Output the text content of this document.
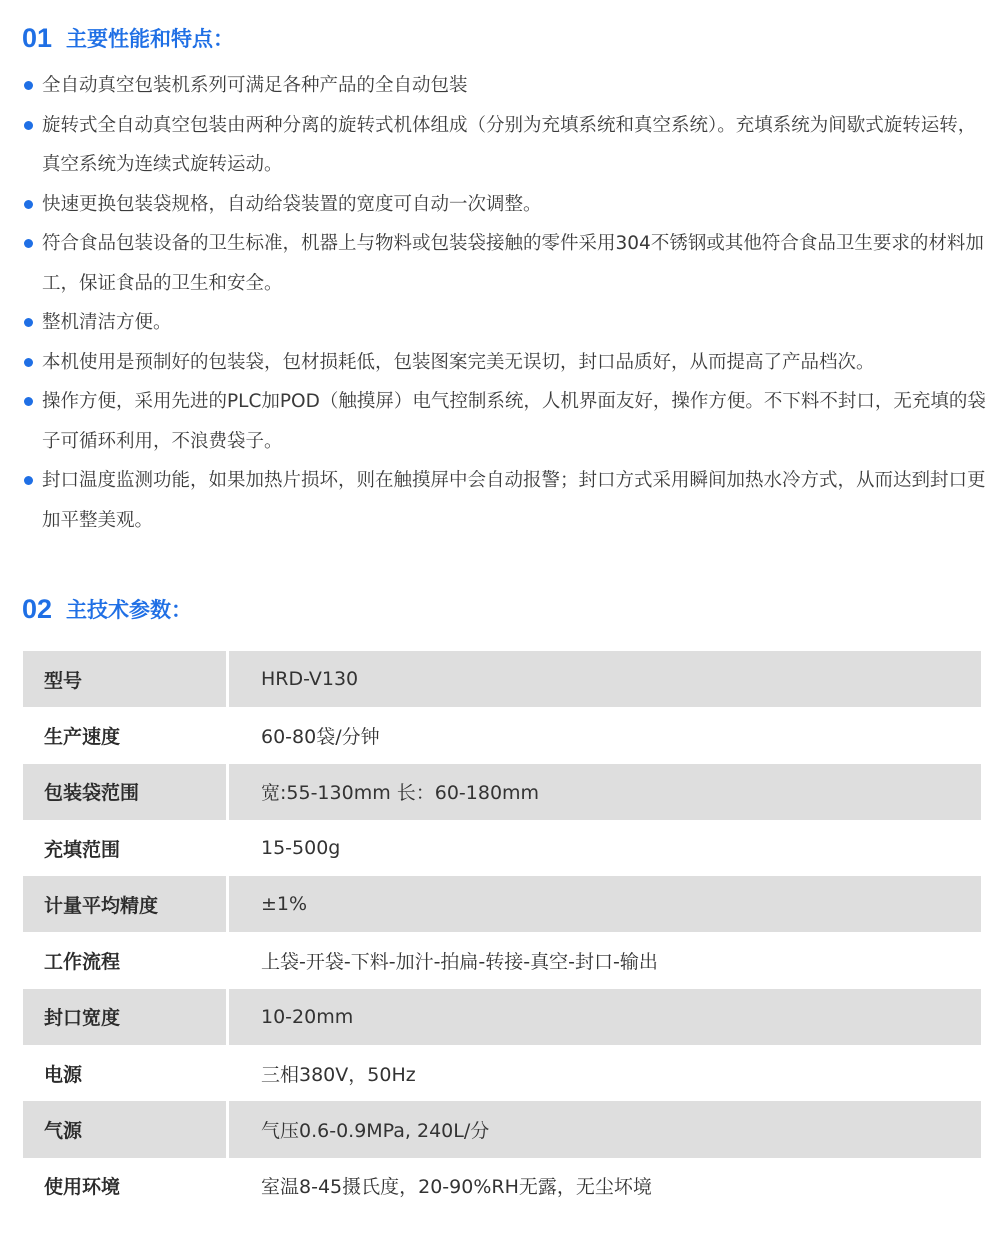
01 主要性能和特点：
全自动真空包装机系列可满足各种产品的全自动包装
旋转式全自动真空包装由两种分离的旋转式机体组成（分别为充填系统和真空系统）。充填系统为间歇式旋转运转，真空系统为连续式旋转运动。
快速更换包装袋规格，自动给袋装置的宽度可自动一次调整。
符合食品包装设备的卫生标准，机器上与物料或包装袋接触的零件采用304不锈钢或其他符合食品卫生要求的材料加工，保证食品的卫生和安全。
整机清洁方便。
本机使用是预制好的包装袋，包材损耗低，包装图案完美无误切，封口品质好，从而提高了产品档次。
操作方便，采用先进的PLC加POD（触摸屏）电气控制系统，人机界面友好，操作方便。不下料不封口，无充填的袋子可循环利用，不浪费袋子。
封口温度监测功能，如果加热片损坏，则在触摸屏中会自动报警；封口方式采用瞬间加热水冷方式，从而达到封口更加平整美观。
02 主技术参数：
型号	HRD-V130
生产速度	60-80袋/分钟
包装袋范围	宽:55-130mm 长：60-180mm
充填范围	15-500g
计量平均精度	±1%
工作流程	上袋-开袋-下料-加汁-拍扁-转接-真空-封口-输出
封口宽度	10-20mm
电源	三相380V，50Hz
气源	气压0.6-0.9MPa, 240L/分
使用环境	室温8-45摄氏度，20-90%RH无露，无尘坏境
